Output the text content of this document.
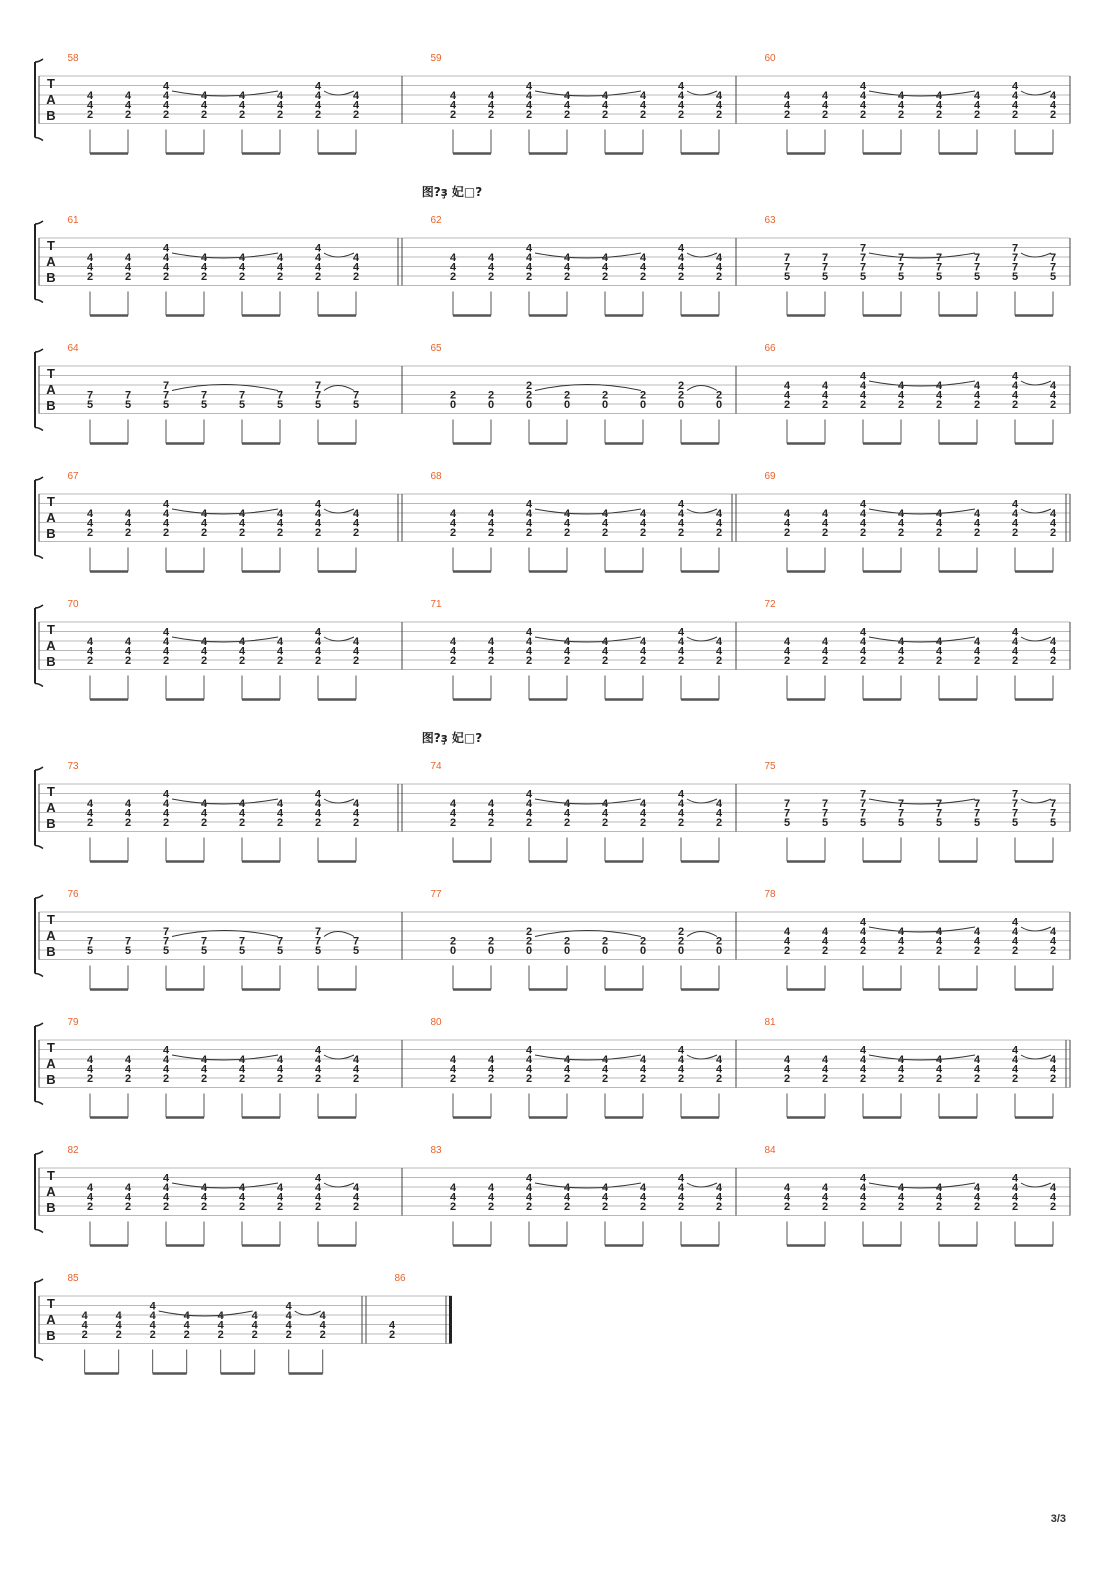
T
A
B
58
4
4
2
4
4
2
4
4
4
2
4
4
2
4
4
2
4
4
2
4
4
4
2
4
4
2
59
4
4
2
4
4
2
4
4
4
2
4
4
2
4
4
2
4
4
2
4
4
4
2
4
4
2
60
4
4
2
4
4
2
4
4
4
2
4
4
2
4
4
2
4
4
2
4
4
4
2
4
4
2
T
A
B
图?ҙ 妃□?
61
4
4
2
4
4
2
4
4
4
2
4
4
2
4
4
2
4
4
2
4
4
4
2
4
4
2
62
4
4
2
4
4
2
4
4
4
2
4
4
2
4
4
2
4
4
2
4
4
4
2
4
4
2
63
7
7
5
7
7
5
7
7
7
5
7
7
5
7
7
5
7
7
5
7
7
7
5
7
7
5
T
A
B
64
7
5
7
5
7
7
5
7
5
7
5
7
5
7
7
5
7
5
65
2
0
2
0
2
2
0
2
0
2
0
2
0
2
2
0
2
0
66
4
4
2
4
4
2
4
4
4
2
4
4
2
4
4
2
4
4
2
4
4
4
2
4
4
2
T
A
B
67
4
4
2
4
4
2
4
4
4
2
4
4
2
4
4
2
4
4
2
4
4
4
2
4
4
2
68
4
4
2
4
4
2
4
4
4
2
4
4
2
4
4
2
4
4
2
4
4
4
2
4
4
2
69
4
4
2
4
4
2
4
4
4
2
4
4
2
4
4
2
4
4
2
4
4
4
2
4
4
2
T
A
B
70
4
4
2
4
4
2
4
4
4
2
4
4
2
4
4
2
4
4
2
4
4
4
2
4
4
2
71
4
4
2
4
4
2
4
4
4
2
4
4
2
4
4
2
4
4
2
4
4
4
2
4
4
2
72
4
4
2
4
4
2
4
4
4
2
4
4
2
4
4
2
4
4
2
4
4
4
2
4
4
2
T
A
B
图?ҙ 妃□?
73
4
4
2
4
4
2
4
4
4
2
4
4
2
4
4
2
4
4
2
4
4
4
2
4
4
2
74
4
4
2
4
4
2
4
4
4
2
4
4
2
4
4
2
4
4
2
4
4
4
2
4
4
2
75
7
7
5
7
7
5
7
7
7
5
7
7
5
7
7
5
7
7
5
7
7
7
5
7
7
5
T
A
B
76
7
5
7
5
7
7
5
7
5
7
5
7
5
7
7
5
7
5
77
2
0
2
0
2
2
0
2
0
2
0
2
0
2
2
0
2
0
78
4
4
2
4
4
2
4
4
4
2
4
4
2
4
4
2
4
4
2
4
4
4
2
4
4
2
T
A
B
79
4
4
2
4
4
2
4
4
4
2
4
4
2
4
4
2
4
4
2
4
4
4
2
4
4
2
80
4
4
2
4
4
2
4
4
4
2
4
4
2
4
4
2
4
4
2
4
4
4
2
4
4
2
81
4
4
2
4
4
2
4
4
4
2
4
4
2
4
4
2
4
4
2
4
4
4
2
4
4
2
T
A
B
82
4
4
2
4
4
2
4
4
4
2
4
4
2
4
4
2
4
4
2
4
4
4
2
4
4
2
83
4
4
2
4
4
2
4
4
4
2
4
4
2
4
4
2
4
4
2
4
4
4
2
4
4
2
84
4
4
2
4
4
2
4
4
4
2
4
4
2
4
4
2
4
4
2
4
4
4
2
4
4
2
T
A
B
85
4
4
2
4
4
2
4
4
4
2
4
4
2
4
4
2
4
4
2
4
4
4
2
4
4
2
86
4
2
3/3
